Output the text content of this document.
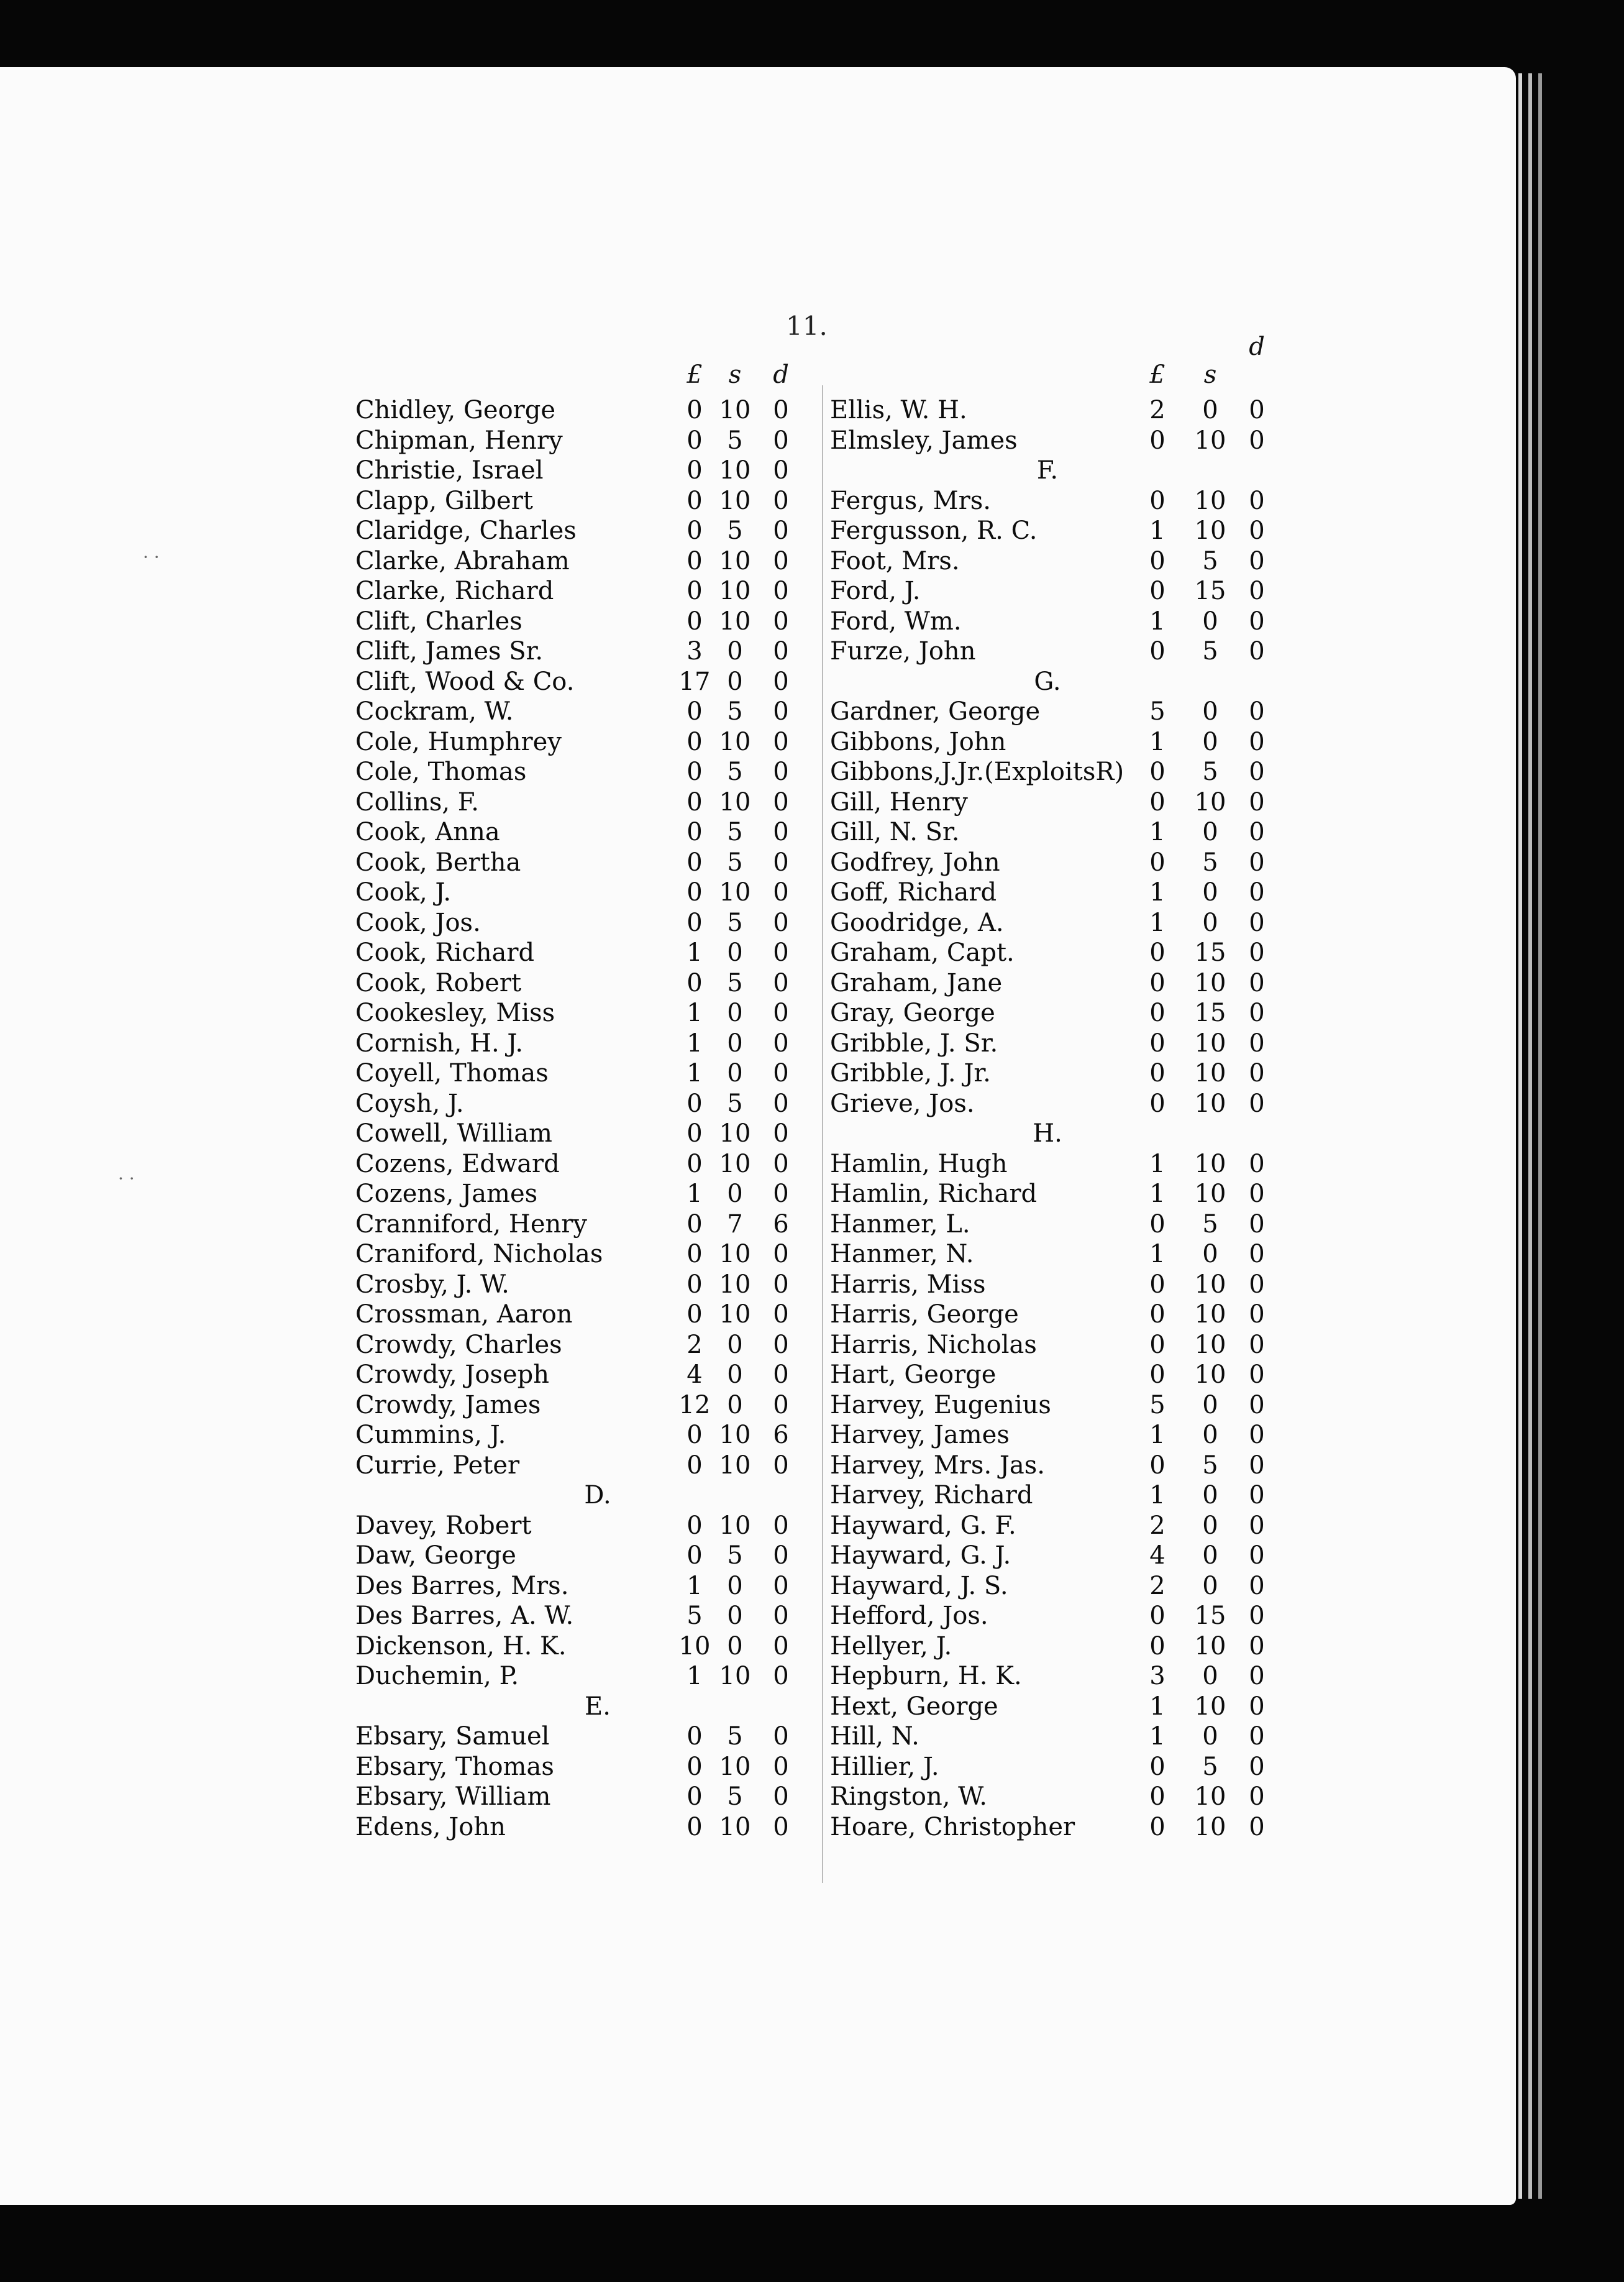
· ·
· ·
11.
£	s	d	£	s
d
Chidley, George	0 10 0
Chipman, Henry	0 5	0
Christie, Israel	0 10 0
Clapp, Gilbert	0 10 0
Claridge, Charles	0 5	0
Clarke, Abraham	0 10 0
Clarke, Richard	0 10 0
Clift, Charles	0 10 0
Clift, James Sr.	3 0	0
Clift, Wood & Co.	17 0	0
Cockram, W.	0 5	0
Cole, Humphrey	0 10 0
Cole, Thomas	0 5	0
Collins, F.	0 10 0
Cook, Anna	0 5	0
Cook, Bertha	0 5	0
Cook, J.	0 10 0
Cook, Jos.	0 5	0
Cook, Richard	1 0	0
Cook, Robert	0 5	0
Cookesley, Miss	1 0	0
Cornish, H. J.	1 0	0
Coyell, Thomas	1 0	0
Coysh, J.	0 5	0
Cowell, William	0 10 0
Cozens, Edward	0 10 0
Cozens, James	1 0	0
Cranniford, Henry	0 7	6
Craniford, Nicholas	0 10 0
Crosby, J. W.	0 10 0
Crossman, Aaron	0 10 0
Crowdy, Charles	2 0	0
Crowdy, Joseph	4 0	0
Crowdy, James	12 0	0
Cummins, J.	0 10 6
Currie, Peter	0 10 0
D.
Davey, Robert	0 10 0
Daw, George	0 5	0
Des Barres, Mrs.	1 0	0
Des Barres, A. W.	5 0	0
Dickenson, H. K.	10 0	0
Duchemin, P.	1 10 0
E.
Ebsary, Samuel	0 5	0
Ebsary, Thomas	0 10 0
Ebsary, William	0 5	0
Edens, John	0 10 0
Ellis, W. H.	2	0	0
Elmsley, James	0	10 0
F.
Fergus, Mrs.	0	10 0
Fergusson, R. C.	1	10 0
Foot, Mrs.	0	5	0
Ford, J.	0	15 0
Ford, Wm.	1	0	0
Furze, John	0	5	0
G.
Gardner, George	5	0	0
Gibbons, John	1	0	0
Gibbons,J.Jr.(ExploitsR)	0	5	0
Gill, Henry	0	10 0
Gill, N. Sr.	1	0	0
Godfrey, John	0	5	0
Goff, Richard	1	0	0
Goodridge, A.	1	0	0
Graham, Capt.	0	15 0
Graham, Jane	0	10 0
Gray, George	0	15 0
Gribble, J. Sr.	0	10 0
Gribble, J. Jr.	0	10 0
Grieve, Jos.	0	10 0
H.
Hamlin, Hugh	1	10 0
Hamlin, Richard	1	10 0
Hanmer, L.	0	5	0
Hanmer, N.	1	0	0
Harris, Miss	0	10 0
Harris, George	0	10 0
Harris, Nicholas	0	10 0
Hart, George	0	10 0
Harvey, Eugenius	5	0	0
Harvey, James	1	0	0
Harvey, Mrs. Jas.	0	5	0
Harvey, Richard	1	0	0
Hayward, G. F.	2	0	0
Hayward, G. J.	4	0	0
Hayward, J. S.	2	0	0
Hefford, Jos.	0	15 0
Hellyer, J.	0	10 0
Hepburn, H. K.	3	0	0
Hext, George	1	10 0
Hill, N.	1	0	0
Hillier, J.	0	5	0
Ringston, W.	0	10 0
Hoare, Christopher	0	10 0
